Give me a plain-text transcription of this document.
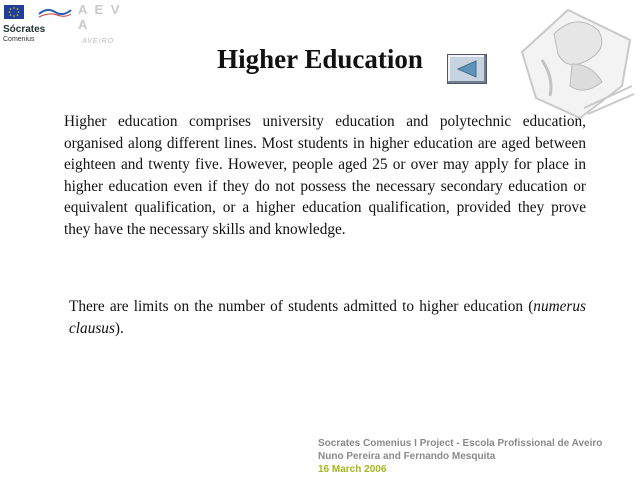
Sócrates
Comenius
A E V A
AVEIRO
Higher Education
Higher education comprises university education and polytechnic education, organised along different lines. Most students in higher education are aged between eighteen and twenty five. However, people aged 25 or over may apply for place in higher education even if they do not possess the necessary secondary education or equivalent qualification, or a higher education qualification, provided they prove they have the necessary skills and knowledge.
There are limits on the number of students admitted to higher education (numerus clausus).
Socrates Comenius I Project - Escola Profissional de Aveiro
Nuno Pereira and Fernando Mesquita
16 March 2006
